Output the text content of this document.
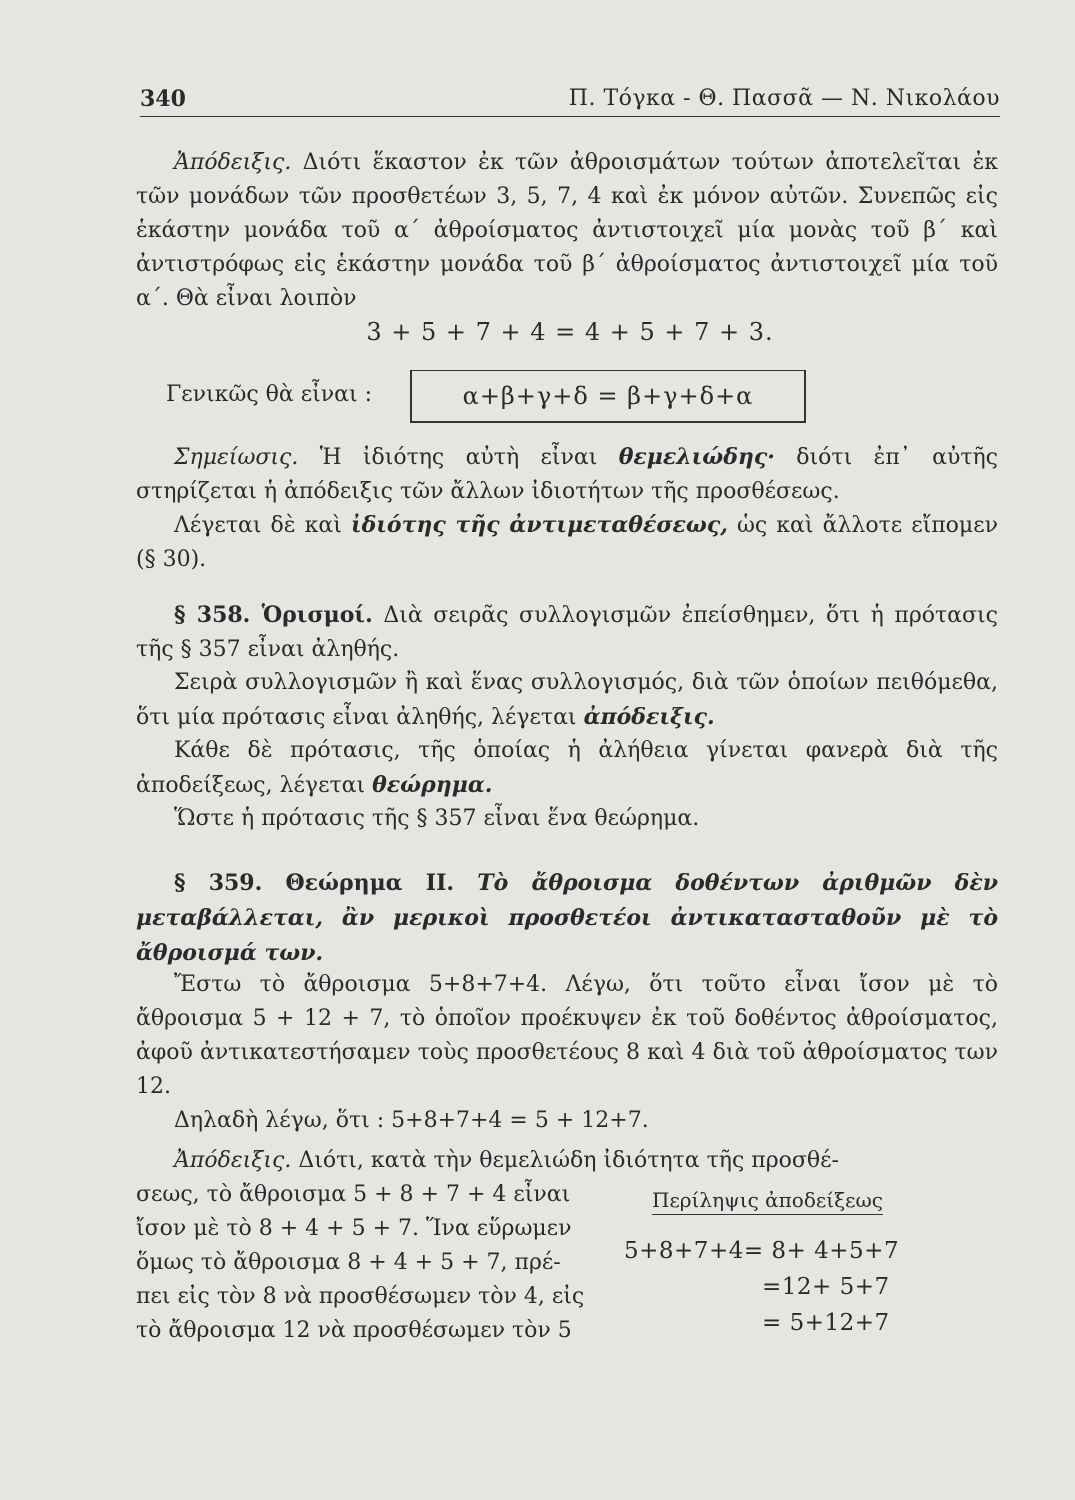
340	Π. Τόγκα - Θ. Πασσᾶ — Ν. Νικολάου
Ἀπόδειξις. Διότι ἕκαστον ἐκ τῶν ἀθροισμάτων τούτων ἀποτελεῖται ἐκ τῶν μονάδων τῶν προσθετέων 3, 5, 7, 4 καὶ ἐκ μόνον αὐτῶν. Συνεπῶς εἰς ἑκάστην μονάδα τοῦ α΄ ἀθροίσματος ἀντιστοιχεῖ μία μονὰς τοῦ β΄ καὶ ἀντιστρόφως εἰς ἑκάστην μονάδα τοῦ β΄ ἀθροίσματος ἀντιστοιχεῖ μία τοῦ α΄. Θὰ εἶναι λοιπὸν
3 + 5 + 7 + 4 = 4 + 5 + 7 + 3.
Γενικῶς θὰ εἶναι :	α+β+γ+δ = β+γ+δ+α
Σημείωσις. Ἡ ἰδιότης αὐτὴ εἶναι θεμελιώδης· διότι ἐπ᾽ αὐτῆς στηρίζεται ἡ ἀπόδειξις τῶν ἄλλων ἰδιοτήτων τῆς προσθέσεως.
Λέγεται δὲ καὶ ἰδιότης τῆς ἀντιμεταθέσεως, ὡς καὶ ἄλλοτε εἴπομεν (§ 30).
§ 358. Ὁρισμοί. Διὰ σειρᾶς συλλογισμῶν ἐπείσθημεν, ὅτι ἡ πρότασις τῆς § 357 εἶναι ἀληθής.
Σειρὰ συλλογισμῶν ἢ καὶ ἕνας συλλογισμός, διὰ τῶν ὁποίων πειθόμεθα, ὅτι μία πρότασις εἶναι ἀληθής, λέγεται ἀπόδειξις.
Κάθε δὲ πρότασις, τῆς ὁποίας ἡ ἀλήθεια γίνεται φανερὰ διὰ τῆς ἀποδείξεως, λέγεται θεώρημα.
Ὥστε ἡ πρότασις τῆς § 357 εἶναι ἕνα θεώρημα.
§ 359. Θεώρημα ΙΙ. Τὸ ἄθροισμα δοθέντων ἀριθμῶν δὲν μεταβάλλεται, ἂν μερικοὶ προσθετέοι ἀντικατασταθοῦν μὲ τὸ ἄθροισμά των.
Ἔστω τὸ ἄθροισμα 5+8+7+4. Λέγω, ὅτι τοῦτο εἶναι ἴσον μὲ τὸ ἄθροισμα 5 + 12 + 7, τὸ ὁποῖον προέκυψεν ἐκ τοῦ δοθέντος ἀθροίσματος, ἀφοῦ ἀντικατεστήσαμεν τοὺς προσθετέους 8 καὶ 4 διὰ τοῦ ἀθροίσματος των 12.
Δηλαδὴ λέγω, ὅτι : 5+8+7+4 = 5 + 12+7.
Ἀπόδειξις. Διότι, κατὰ τὴν θεμελιώδη ἰδιότητα τῆς προσθέ-
σεως, τὸ ἄθροισμα 5 + 8 + 7 + 4 εἶναι
ἴσον μὲ τὸ 8 + 4 + 5 + 7. Ἵνα εὕρωμεν
ὅμως τὸ ἄθροισμα 8 + 4 + 5 + 7, πρέ-
πει εἰς τὸν 8 νὰ προσθέσωμεν τὸν 4, εἰς
τὸ ἄθροισμα 12 νὰ προσθέσωμεν τὸν 5
Περίληψις ἀποδείξεως
5+8+7+4= 8+ 4+5+7
=12+ 5+7
= 5+12+7
